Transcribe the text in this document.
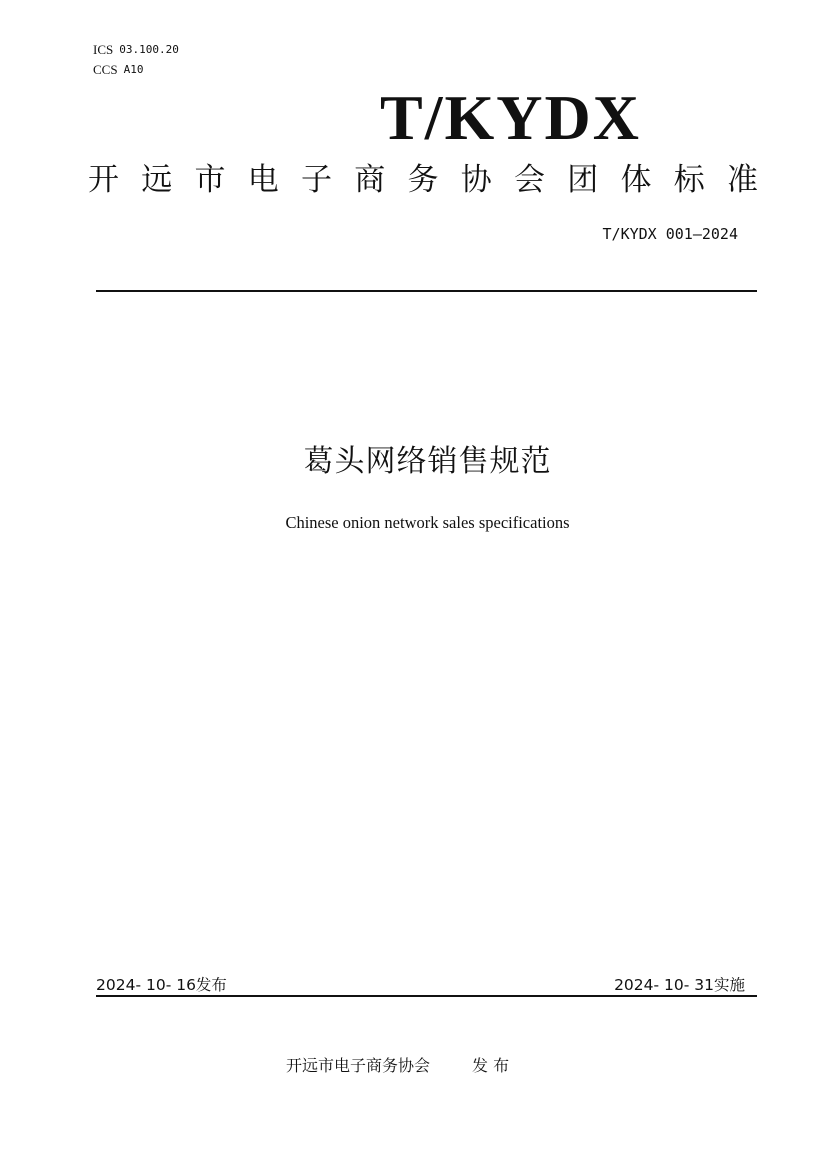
ICS 03.100.20
CCS A10
T/KYDX
开 远 市 电 子 商 务 协 会 团 体 标 准
T/KYDX 001—2024
葛头网络销售规范
Chinese onion network sales specifications
2024- 10- 16发布	2024- 10- 31实施
开远市电子商务协会	发 布
